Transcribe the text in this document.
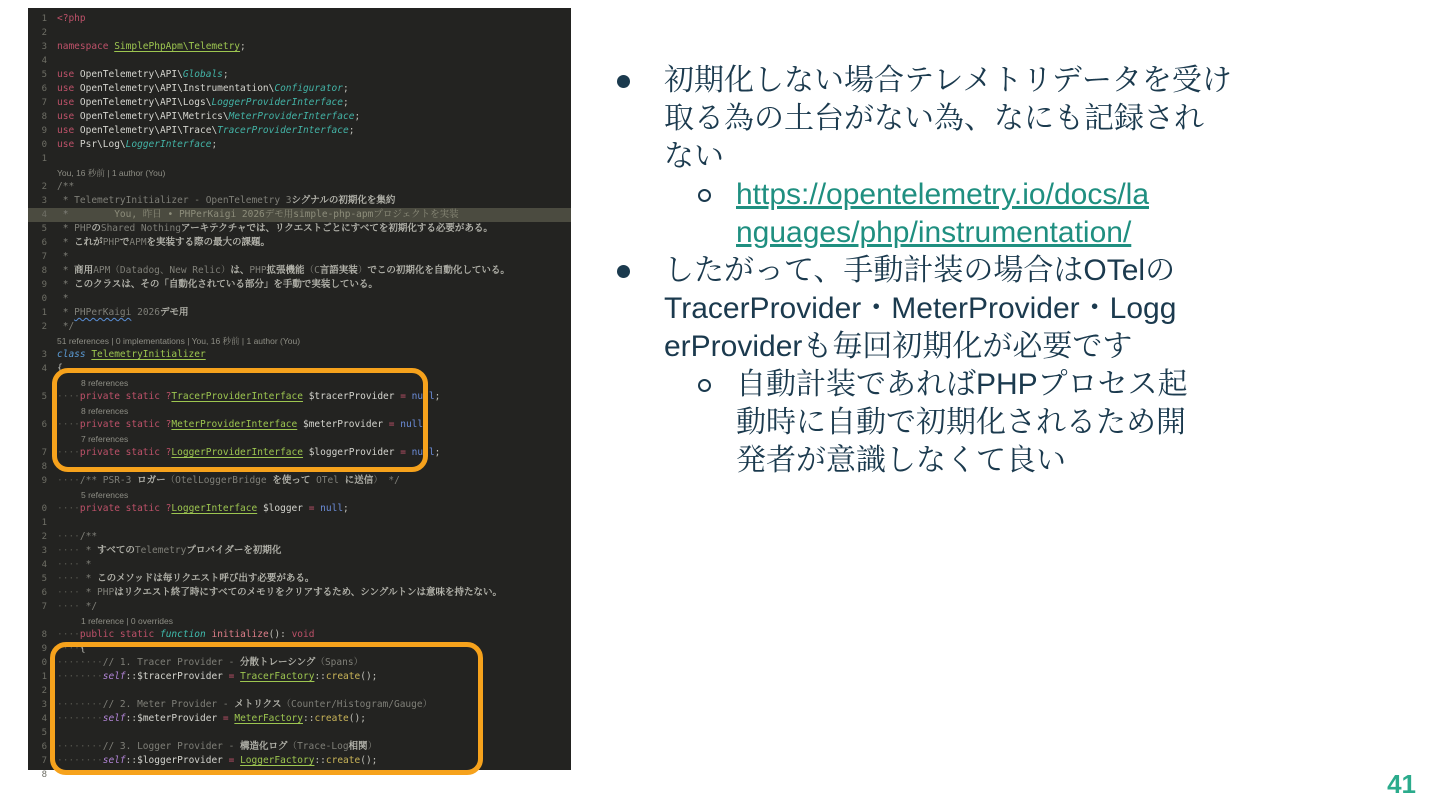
1	<?php
2
3	namespace SimplePhpApm\Telemetry;
4
5	use OpenTelemetry\API\Globals;
6	use OpenTelemetry\API\Instrumentation\Configurator;
7	use OpenTelemetry\API\Logs\LoggerProviderInterface;
8	use OpenTelemetry\API\Metrics\MeterProviderInterface;
9	use OpenTelemetry\API\Trace\TracerProviderInterface;
0	use Psr\Log\LoggerInterface;
1
You, 16 秒前 | 1 author (You)
2	/**
3	* TelemetryInitializer - OpenTelemetry 3シグナルの初期化を集約
4	*        You, 昨日 • PHPerKaigi 2026デモ用simple-php-apmプロジェクトを実装
5	* PHPのShared Nothingアーキテクチャでは、リクエストごとにすべてを初期化する必要がある。
6	* これがPHPでAPMを実装する際の最大の課題。
7	*
8	* 商用APM（Datadog、New Relic）は、PHP拡張機能（C言語実装）でこの初期化を自動化している。
9	* このクラスは、その「自動化されている部分」を手動で実装している。
0	*
1	* PHPerKaigi 2026デモ用
2	*/
51 references | 0 implementations | You, 16 秒前 | 1 author (You)
3	class TelemetryInitializer
4	{
8 references
5	····private static ?TracerProviderInterface $tracerProvider = null;
8 references
6	····private static ?MeterProviderInterface $meterProvider = null;
7 references
7	····private static ?LoggerProviderInterface $loggerProvider = null;
8
9	····/** PSR-3 ロガー（OtelLoggerBridge を使って OTel に送信） */
5 references
0	····private static ?LoggerInterface $logger = null;
1
2	····/**
3	···· * すべてのTelemetryプロバイダーを初期化
4	···· *
5	···· * このメソッドは毎リクエスト呼び出す必要がある。
6	···· * PHPはリクエスト終了時にすべてのメモリをクリアするため、シングルトンは意味を持たない。
7	···· */
1 reference | 0 overrides
8	····public static function initialize(): void
9	····{
0	········// 1. Tracer Provider - 分散トレーシング（Spans）
1	········self::$tracerProvider = TracerFactory::create();
2
3	········// 2. Meter Provider - メトリクス（Counter/Histogram/Gauge）
4	········self::$meterProvider = MeterFactory::create();
5
6	········// 3. Logger Provider - 構造化ログ（Trace-Log相関）
7	········self::$loggerProvider = LoggerFactory::create();
8
初期化しない場合テレメトリデータを受け
取る為の土台がない為、なにも記録され
ない
https://opentelemetry.io/docs/la
nguages/php/instrumentation/
したがって、手動計装の場合はOTelの
TracerProvider・MeterProvider・Logg
erProviderも毎回初期化が必要です
自動計装であればPHPプロセス起
動時に自動で初期化されるため開
発者が意識しなくて良い
41
